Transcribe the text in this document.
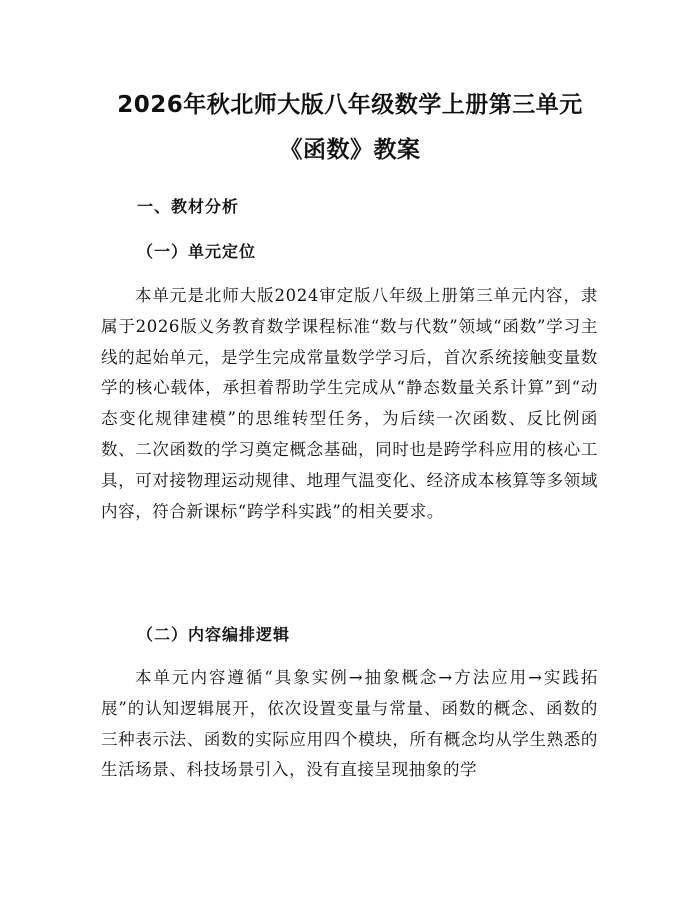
2026年秋北师大版八年级数学上册第三单元
《函数》教案
一、教材分析
（一）单元定位

本单元是北师大版2024审定版八年级上册第三单元内容，隶属于2026版义务教育数学课程标准“数与代数”领域“函数”学习主线的起始单元，是学生完成常量数学学习后，首次系统接触变量数学的核心载体，承担着帮助学生完成从“静态数量关系计算”到“动态变化规律建模”的思维转型任务，为后续一次函数、反比例函数、二次函数的学习奠定概念基础，同时也是跨学科应用的核心工具，可对接物理运动规律、地理气温变化、经济成本核算等多领域内容，符合新课标“跨学科实践”的相关要求。

（二）内容编排逻辑

本单元内容遵循“具象实例→抽象概念→方法应用→实践拓展”的认知逻辑展开，依次设置变量与常量、函数的概念、函数的三种表示法、函数的实际应用四个模块，所有概念均从学生熟悉的生活场景、科技场景引入，没有直接呈现抽象的学
